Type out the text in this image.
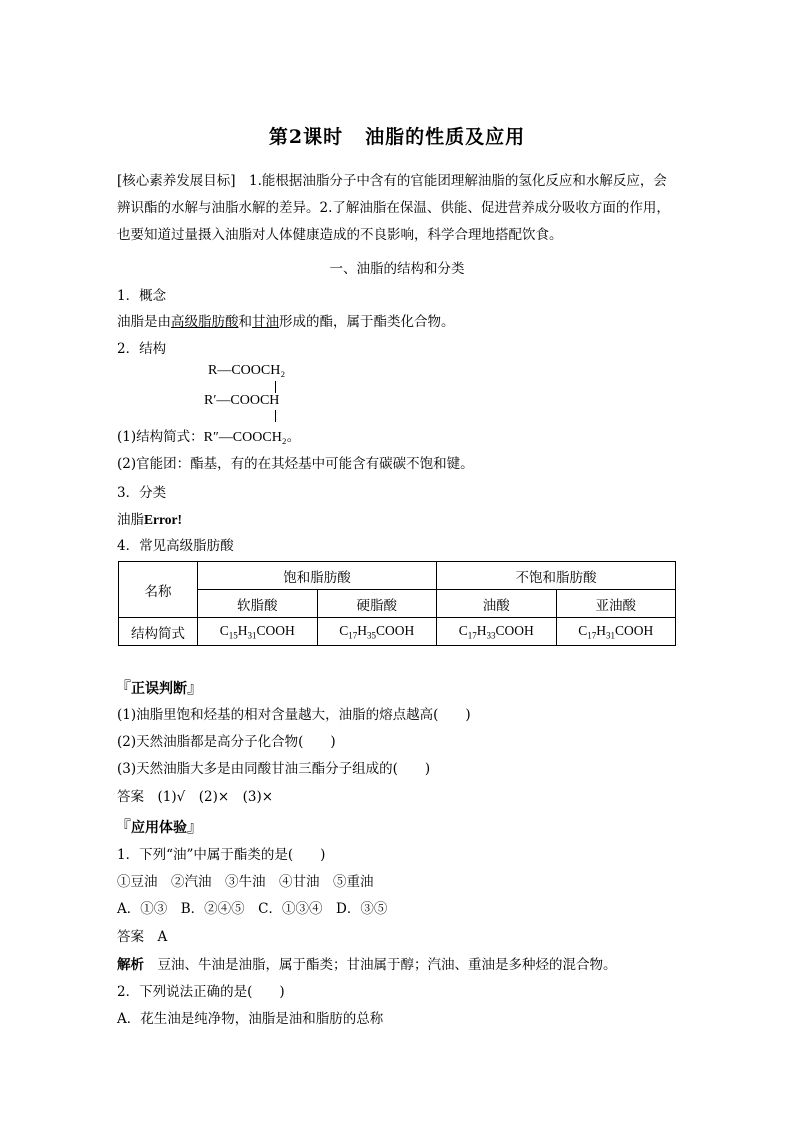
第2课时 油脂的性质及应用
[核心素养发展目标]　 1.能根据油脂分子中含有的官能团理解油脂的氢化反应和水解反应，会辨识酯的水解与油脂水解的差异。2.了解油脂在保温、供能、促进营养成分吸收方面的作用，也要知道过量摄入油脂对人体健康造成的不良影响，科学合理地搭配饮食。
一、油脂的结构和分类
1．概念
油脂是由高级脂肪酸和甘油形成的酯，属于酯类化合物。
2．结构
R—COOCH₂
R′—COOCH
(1)结构简式：R″—COOCH₂。
(2)官能团：酯基，有的在其烃基中可能含有碳碳不饱和键。
3．分类
油脂Error!
4．常见高级脂肪酸
名称	饱和脂肪酸		不饱和脂肪酸	
	软脂酸	硬脂酸	油酸	亚油酸
结构简式	$C_{15}H_{31}COOH$	$C_{17}H_{35}COOH$	$C_{17}H_{33}COOH$	$C_{17}H_{31}COOH$
『正误判断』
(1)油脂里饱和烃基的相对含量越大，油脂的熔点越高(　　)
(2)天然油脂都是高分子化合物(　　)
(3)天然油脂大多是由同酸甘油三酯分子组成的(　　)
答案　 (1)√　(2)×　(3)×
『应用体验』
1．下列“油”中属于酯类的是(　　)
①豆油　②汽油　③牛油　④甘油　⑤重油
A．①③　B．②④⑤　C．①③④　D．③⑤
答案　 A
解析　 豆油、牛油是油脂，属于酯类；甘油属于醇；汽油、重油是多种烃的混合物。
2．下列说法正确的是(　　)
A．花生油是纯净物，油脂是油和脂肪的总称
